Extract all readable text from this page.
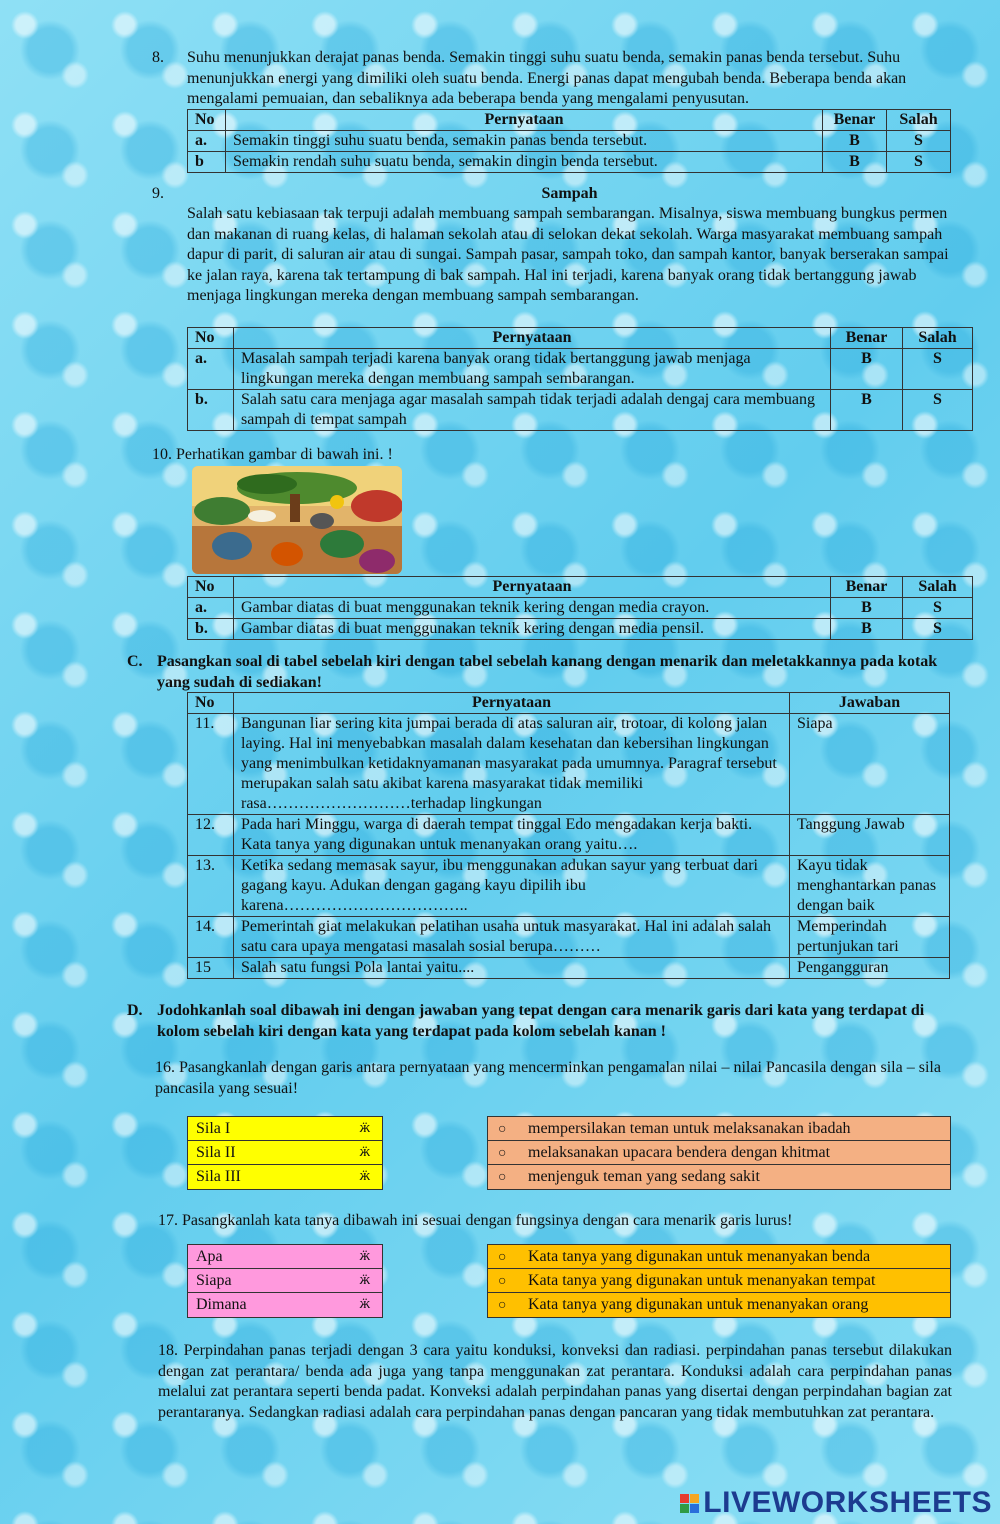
8. Suhu menunjukkan derajat panas benda. Semakin tinggi suhu suatu benda, semakin panas benda tersebut. Suhu menunjukkan energi yang dimiliki oleh suatu benda. Energi panas dapat mengubah benda. Beberapa benda akan mengalami pemuaian, dan sebaliknya ada beberapa benda yang mengalami penyusutan.

No	Pernyataan	Benar	Salah
a.	Semakin tinggi suhu suatu benda, semakin panas benda tersebut.	B	S
b	Semakin rendah suhu suatu benda, semakin dingin benda tersebut.	B	S
9.	Sampah

Salah satu kebiasaan tak terpuji adalah membuang sampah sembarangan. Misalnya, siswa membuang bungkus permen dan makanan di ruang kelas, di halaman sekolah atau di selokan dekat sekolah. Warga masyarakat membuang sampah dapur di parit, di saluran air atau di sungai. Sampah pasar, sampah toko, dan sampah kantor, banyak berserakan sampai ke jalan raya, karena tak tertampung di bak sampah. Hal ini terjadi, karena banyak orang tidak bertanggung jawab menjaga lingkungan mereka dengan membuang sampah sembarangan.

No	Pernyataan	Benar	Salah
a.	Masalah sampah terjadi karena banyak orang tidak bertanggung jawab menjaga lingkungan mereka dengan membuang sampah sembarangan.	B	S
b.	Salah satu cara menjaga agar masalah sampah tidak terjadi adalah dengaj cara membuang sampah di tempat sampah	B	S
10. Perhatikan gambar di bawah ini. !
No	Pernyataan	Benar	Salah
a.	Gambar diatas di buat menggunakan teknik kering dengan media crayon.	B	S
b.	Gambar diatas di buat menggunakan teknik kering dengan media pensil.	B	S
C. Pasangkan soal di tabel sebelah kiri dengan tabel sebelah kanang dengan menarik dan meletakkannya pada kotak yang sudah di sediakan!

No	Pernyataan	Jawaban
11.	Bangunan liar sering kita jumpai berada di atas saluran air, trotoar, di kolong jalan laying. Hal ini menyebabkan masalah dalam kesehatan dan kebersihan lingkungan yang menimbulkan ketidaknyamanan masyarakat pada umumnya. Paragraf tersebut merupakan salah satu akibat karena masyarakat tidak memiliki rasa………………………terhadap lingkungan	Siapa
12.	Pada hari Minggu, warga di daerah tempat tinggal Edo mengadakan kerja bakti. Kata tanya yang digunakan untuk menanyakan orang yaitu….	Tanggung Jawab
13.	Ketika sedang memasak sayur, ibu menggunakan adukan sayur yang terbuat dari gagang kayu. Adukan dengan gagang kayu dipilih ibu karena……………………………..	Kayu tidak menghantarkan panas dengan baik
14.	Pemerintah giat melakukan pelatihan usaha untuk masyarakat. Hal ini adalah salah satu cara upaya mengatasi masalah sosial berupa………	Memperindah pertunjukan tari
15	Salah satu fungsi Pola lantai yaitu....	Pengangguran
D. Jodohkanlah soal dibawah ini dengan jawaban yang tepat dengan cara menarik garis dari kata yang terdapat di kolom sebelah kiri dengan kata yang terdapat pada kolom sebelah kanan !

16. Pasangkanlah dengan garis antara pernyataan yang mencerminkan pengamalan nilai – nilai Pancasila dengan sila – sila pancasila yang sesuai!

Sila I	ӝ
Sila II	ӝ
Sila III	ӝ
○ mempersilakan teman untuk melaksanakan ibadah
○ melaksanakan upacara bendera dengan khitmat
○ menjenguk teman yang sedang sakit

17. Pasangkanlah kata tanya dibawah ini sesuai dengan fungsinya dengan cara menarik garis lurus!

Apa	ӝ
Siapa	ӝ
Dimana	ӝ
○ Kata tanya yang digunakan untuk menanyakan benda
○ Kata tanya yang digunakan untuk menanyakan tempat
○ Kata tanya yang digunakan untuk menanyakan orang

18. Perpindahan panas terjadi dengan 3 cara yaitu konduksi, konveksi dan radiasi. perpindahan panas tersebut dilakukan dengan zat perantara/ benda ada juga yang tanpa menggunakan zat perantara. Konduksi adalah cara perpindahan panas melalui zat perantara seperti benda padat. Konveksi adalah perpindahan panas yang disertai dengan perpindahan bagian zat perantaranya. Sedangkan radiasi adalah cara perpindahan panas dengan pancaran yang tidak membutuhkan zat perantara.

LIVEWORKSHEETS
